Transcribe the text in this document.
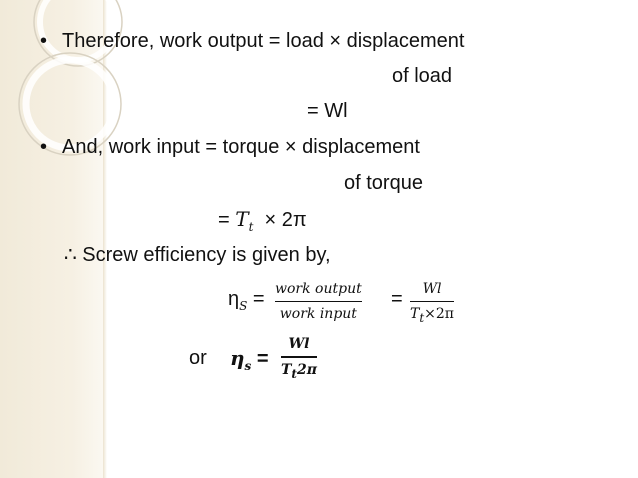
• Therefore, work output = load × displacement
of load
= Wl
• And, work input = torque × displacement
of torque
= $T_t \times 2\pi$
∴ Screw efficiency is given by,
$\eta_S$ = work output
work input
= Wl
$T_t\times 2\pi$
or $\eta_s$ =
Wl
$T_t2\pi$
